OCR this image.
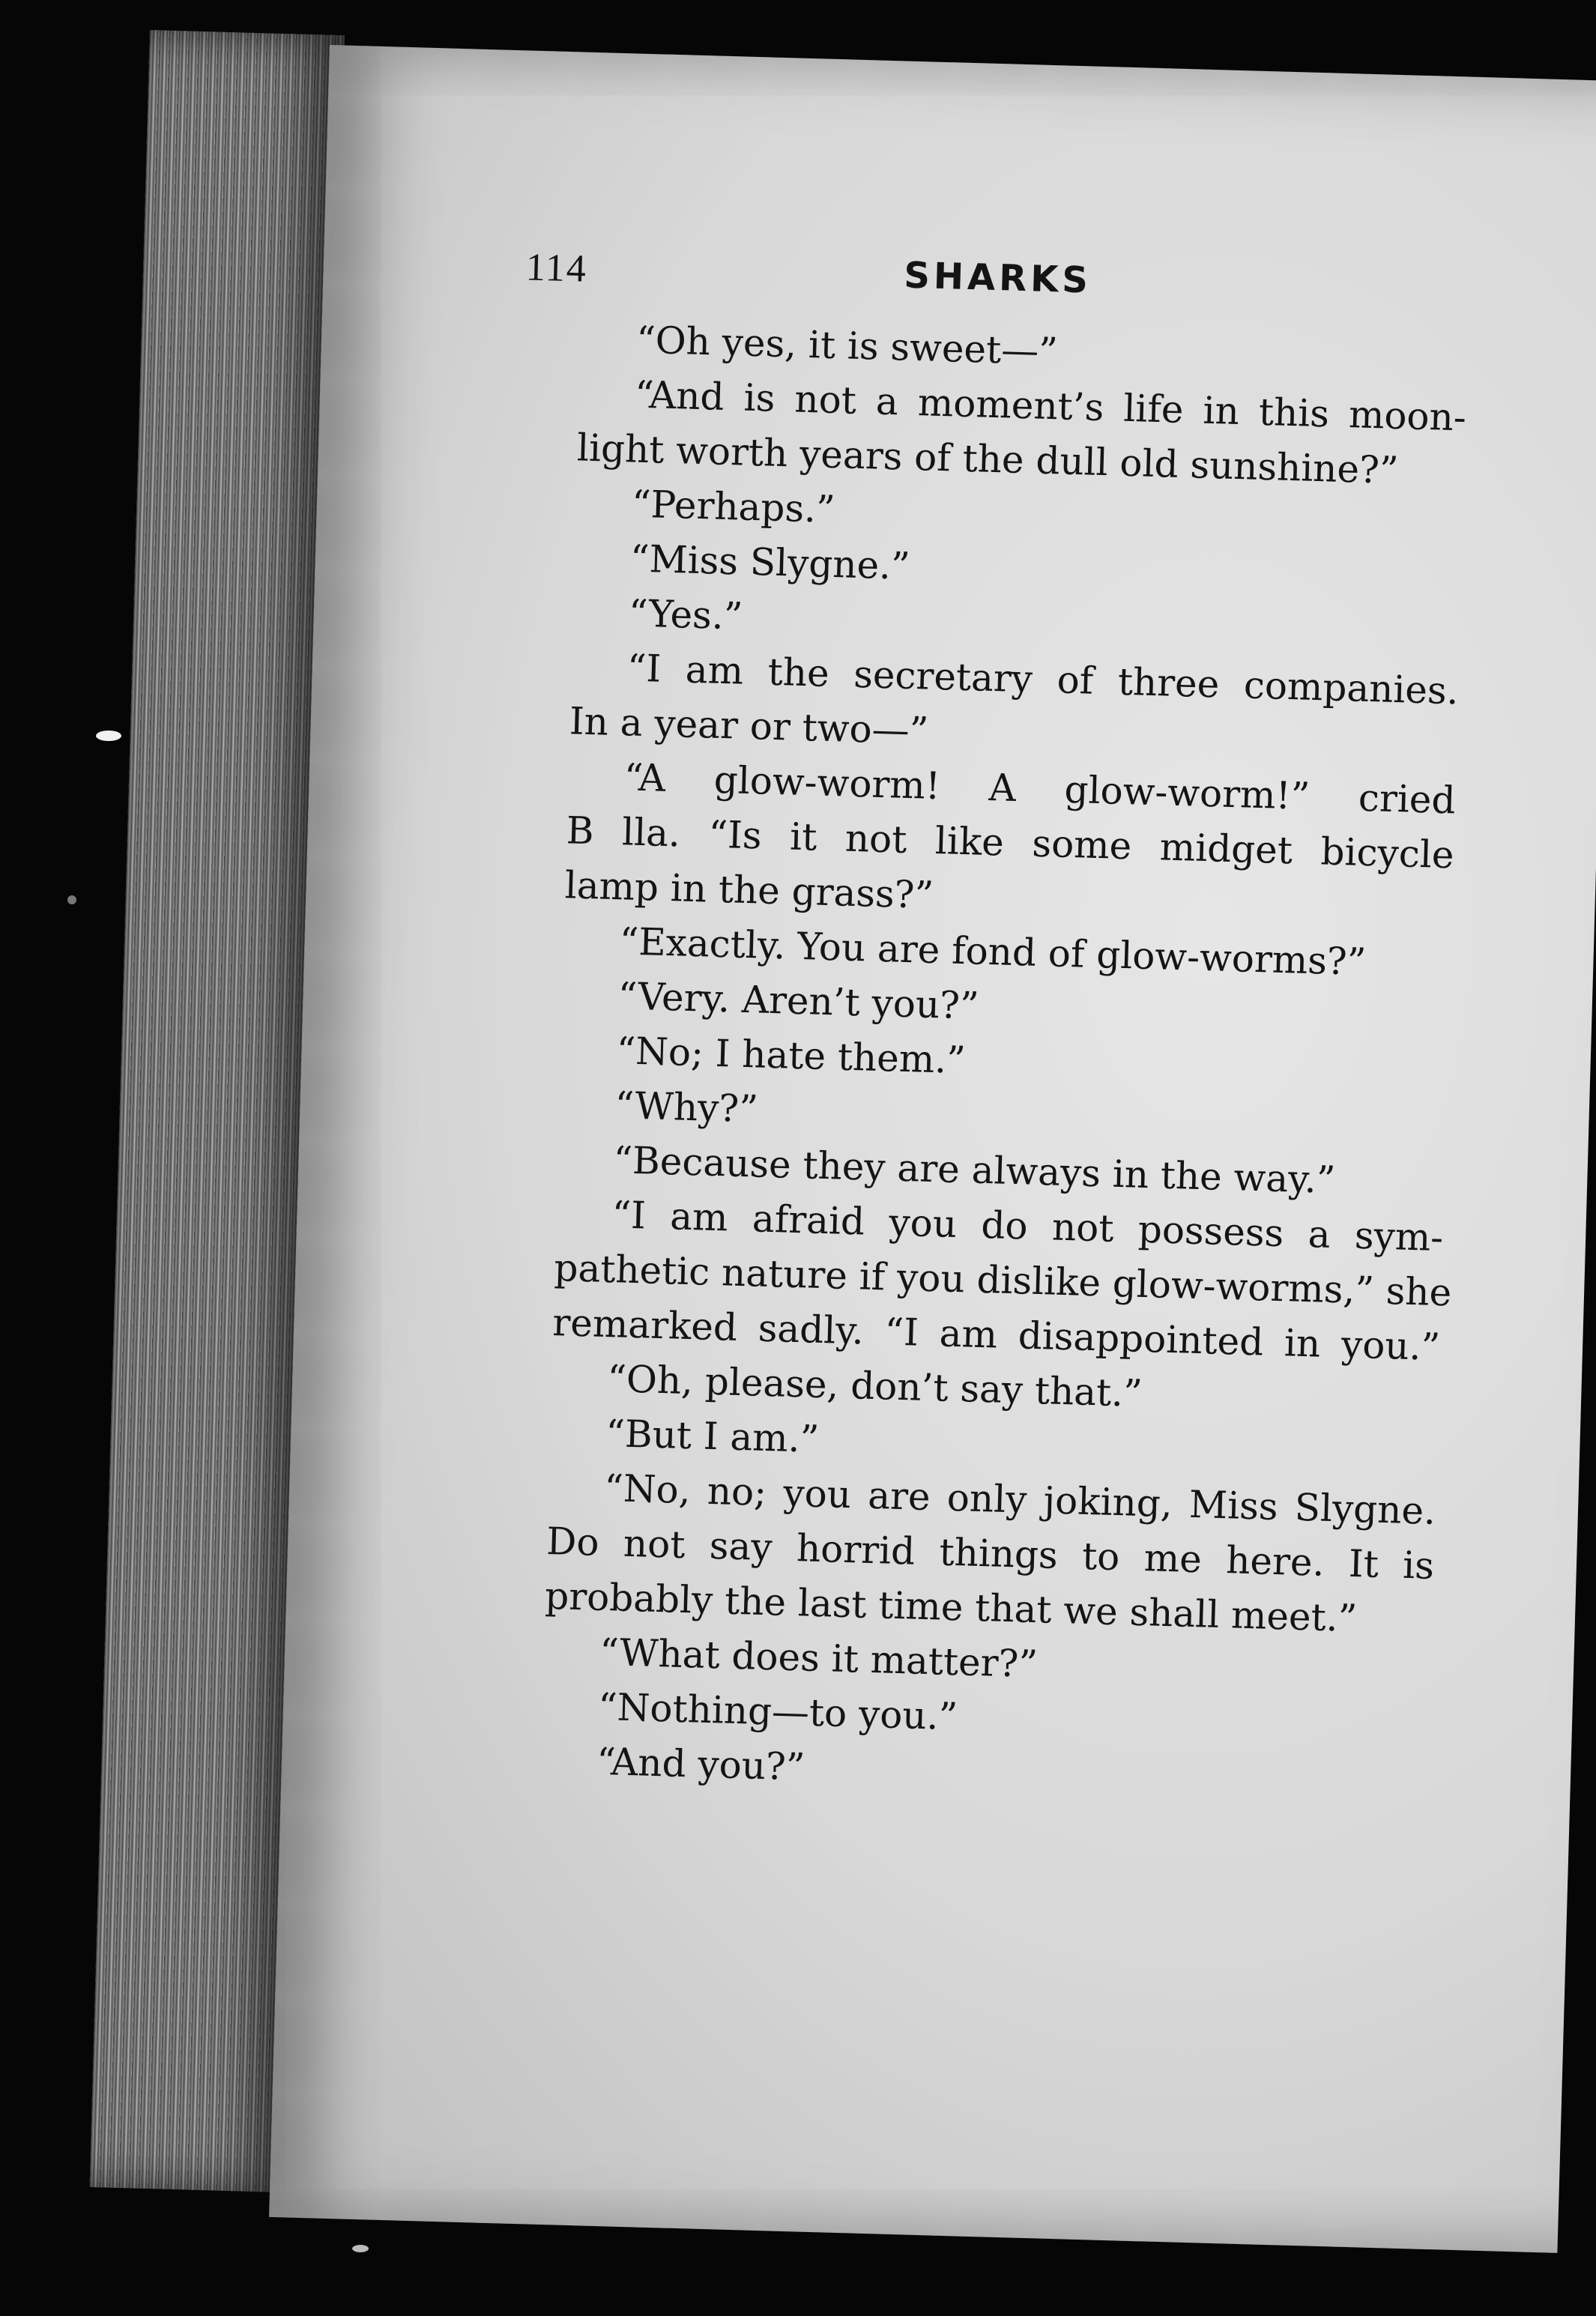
114	SHARKS
“Oh yes, it is sweet—”
“And is not a moment’s life in this moon-
light worth years of the dull old sunshine?”
“Perhaps.”
“Miss Slygne.”
“Yes.”
“I am the secretary of three companies.
In a year or two—”
“A glow-worm! A glow-worm!” cried
B lla. “Is it not like some midget bicycle
lamp in the grass?”
“Exactly. You are fond of glow-worms?”
“Very. Aren’t you?”
“No; I hate them.”
“Why?”
“Because they are always in the way.”
“I am afraid you do not possess a sym-
pathetic nature if you dislike glow-worms,” she
remarked sadly. “I am disappointed in you.”
“Oh, please, don’t say that.”
“But I am.”
“No, no; you are only joking, Miss Slygne.
Do not say horrid things to me here. It is
probably the last time that we shall meet.”
“What does it matter?”
“Nothing—to you.”
“And you?”
